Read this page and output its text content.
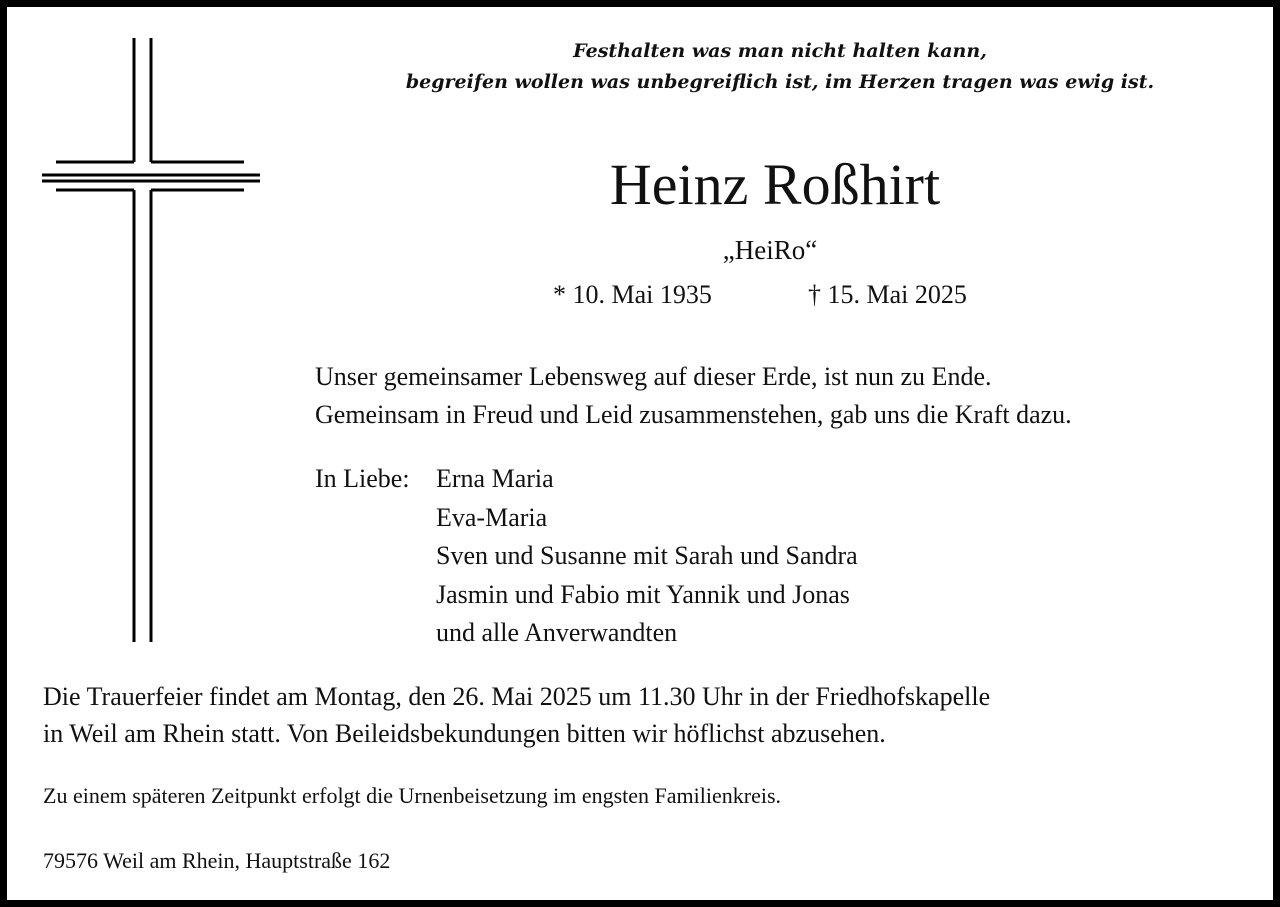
Festhalten was man nicht halten kann,
begreifen wollen was unbegreiflich ist, im Herzen tragen was ewig ist.
Heinz Roßhirt
„HeiRo“
* 10. Mai 1935	† 15. Mai 2025
Unser gemeinsamer Lebensweg auf dieser Erde, ist nun zu Ende.
Gemeinsam in Freud und Leid zusammenstehen, gab uns die Kraft dazu.
In Liebe: Erna Maria
Eva-Maria
Sven und Susanne mit Sarah und Sandra
Jasmin und Fabio mit Yannik und Jonas
und alle Anverwandten
Die Trauerfeier findet am Montag, den 26. Mai 2025 um 11.30 Uhr in der Friedhofskapelle
in Weil am Rhein statt. Von Beileidsbekundungen bitten wir höflichst abzusehen.
Zu einem späteren Zeitpunkt erfolgt die Urnenbeisetzung im engsten Familienkreis.
79576 Weil am Rhein, Hauptstraße 162
